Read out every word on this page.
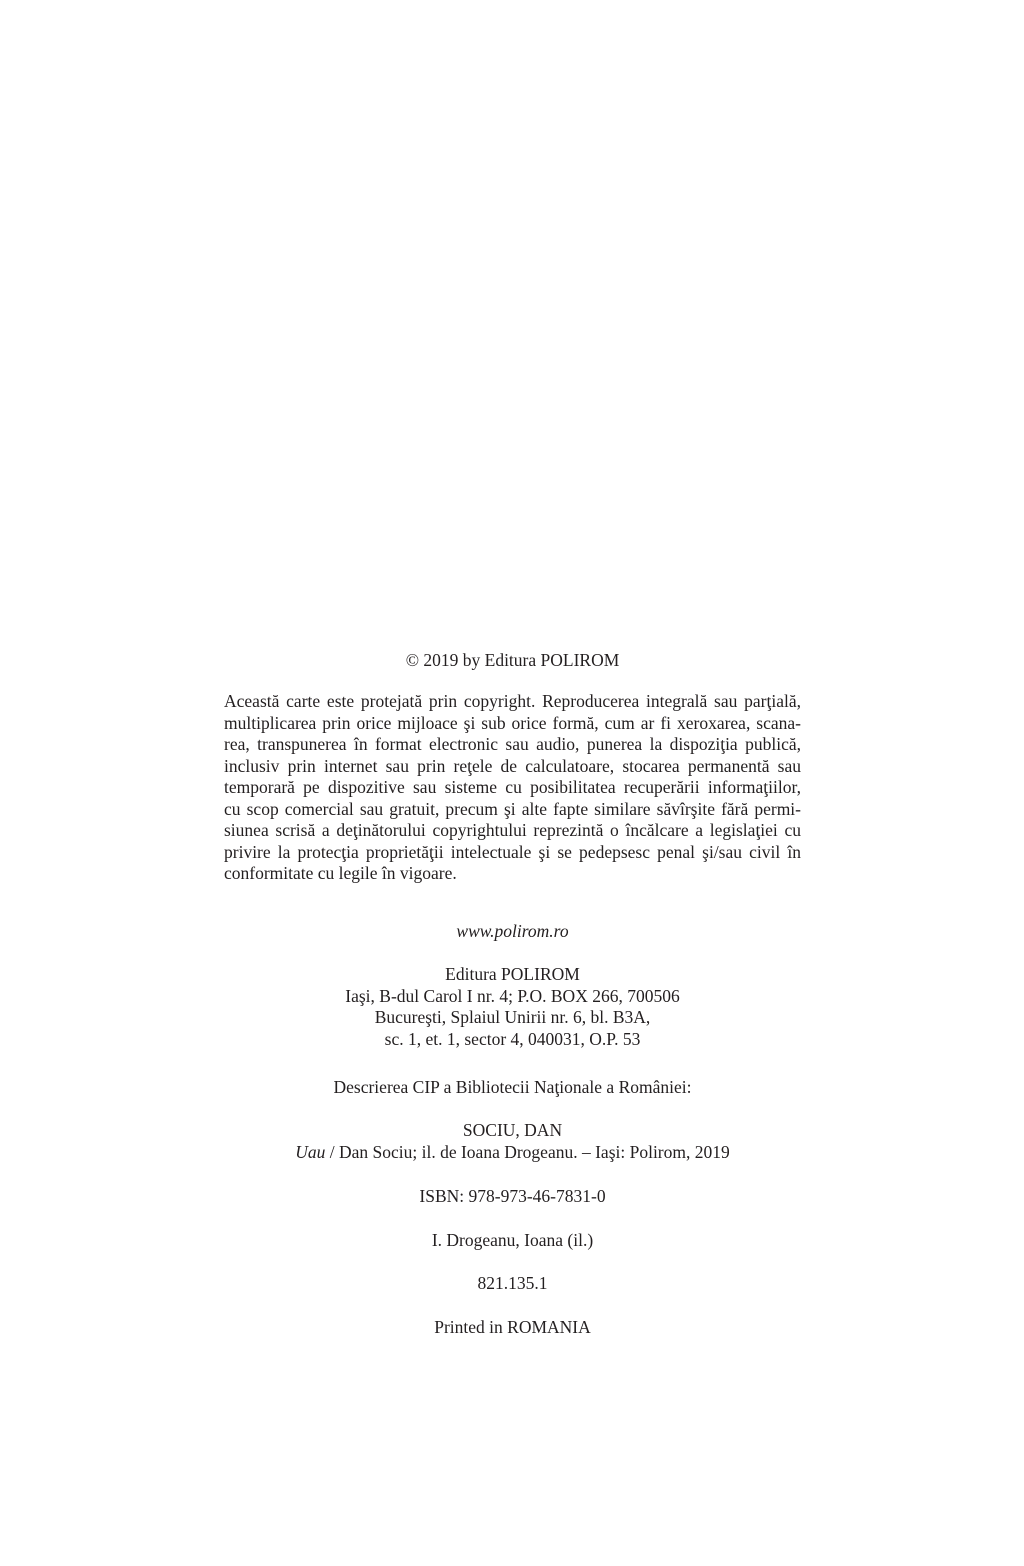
© 2019 by Editura POLIROM
Această carte este protejată prin copyright. Reproducerea integrală sau parţială,
multiplicarea prin orice mijloace şi sub orice formă, cum ar fi xeroxarea, scana-
rea, transpunerea în format electronic sau audio, punerea la dispoziţia publică,
inclusiv prin internet sau prin reţele de calculatoare, stocarea permanentă sau
temporară pe dispozitive sau sisteme cu posibilitatea recuperării informaţiilor,
cu scop comercial sau gratuit, precum şi alte fapte similare săvîrşite fără permi-
siunea scrisă a deţinătorului copyrightului reprezintă o încălcare a legislaţiei cu
privire la protecţia proprietăţii intelectuale şi se pedepsesc penal şi/sau civil în
conformitate cu legile în vigoare.
www.polirom.ro
Editura POLIROM
Iaşi, B-dul Carol I nr. 4; P.O. BOX 266, 700506
Bucureşti, Splaiul Unirii nr. 6, bl. B3A,
sc. 1, et. 1, sector 4, 040031, O.P. 53
Descrierea CIP a Bibliotecii Naţionale a României:
SOCIU, DAN
Uau / Dan Sociu; il. de Ioana Drogeanu. – Iaşi: Polirom, 2019
ISBN: 978-973-46-7831-0
I. Drogeanu, Ioana (il.)
821.135.1
Printed in ROMANIA
